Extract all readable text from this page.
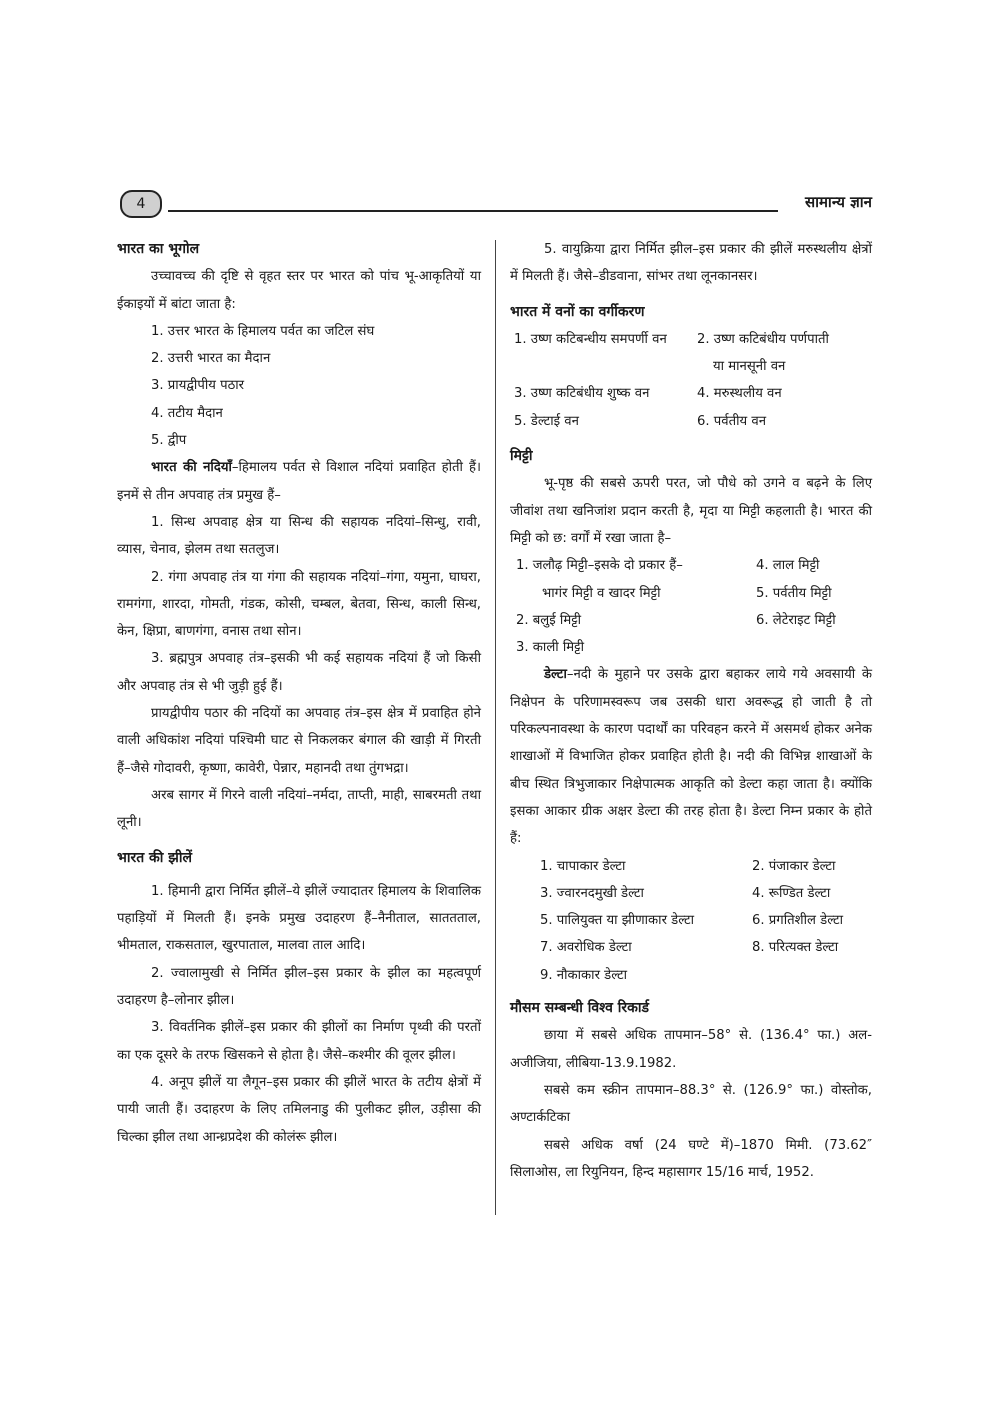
4	सामान्य ज्ञान

भारत का भूगोल

उच्चावच्च की दृष्टि से वृहत स्तर पर भारत को पांच भू-आकृतियों या ईकाइयों में बांटा जाता है:

1. उत्तर भारत के हिमालय पर्वत का जटिल संघ

2. उत्तरी भारत का मैदान

3. प्रायद्वीपीय पठार

4. तटीय मैदान

5. द्वीप

भारत की नदियाँ–हिमालय पर्वत से विशाल नदियां प्रवाहित होती हैं। इनमें से तीन अपवाह तंत्र प्रमुख हैं–

1. सिन्ध अपवाह क्षेत्र या सिन्ध की सहायक नदियां–सिन्धु, रावी, व्यास, चेनाव, झेलम तथा सतलुज।

2. गंगा अपवाह तंत्र या गंगा की सहायक नदियां–गंगा, यमुना, घाघरा, रामगंगा, शारदा, गोमती, गंडक, कोसी, चम्बल, बेतवा, सिन्ध, काली सिन्ध, केन, क्षिप्रा, बाणगंगा, वनास तथा सोन।

3. ब्रह्मपुत्र अपवाह तंत्र–इसकी भी कई सहायक नदियां हैं जो किसी और अपवाह तंत्र से भी जुड़ी हुई हैं।

प्रायद्वीपीय पठार की नदियों का अपवाह तंत्र–इस क्षेत्र में प्रवाहित होने वाली अधिकांश नदियां पश्चिमी घाट से निकलकर बंगाल की खाड़ी में गिरती हैं–जैसे गोदावरी, कृष्णा, कावेरी, पेन्नार, महानदी तथा तुंगभद्रा।

अरब सागर में गिरने वाली नदियां–नर्मदा, ताप्ती, माही, साबरमती तथा लूनी।

भारत की झीलें

1. हिमानी द्वारा निर्मित झीलें–ये झीलें ज्यादातर हिमालय के शिवालिक पहाड़ियों में मिलती हैं। इनके प्रमुख उदाहरण हैं–नैनीताल, साततताल, भीमताल, राकसताल, खुरपाताल, मालवा ताल आदि।

2. ज्वालामुखी से निर्मित झील–इस प्रकार के झील का महत्वपूर्ण उदाहरण है–लोनार झील।

3. विवर्तनिक झीलें–इस प्रकार की झीलों का निर्माण पृथ्वी की परतों का एक दूसरे के तरफ खिसकने से होता है। जैसे–कश्मीर की वूलर झील।

4. अनूप झीलें या लैगून–इस प्रकार की झीलें भारत के तटीय क्षेत्रों में पायी जाती हैं। उदाहरण के लिए तमिलनाडु की पुलीकट झील, उड़ीसा की चिल्का झील तथा आन्ध्रप्रदेश की कोलंरू झील।

5. वायुक्रिया द्वारा निर्मित झील–इस प्रकार की झीलें मरुस्थलीय क्षेत्रों में मिलती हैं। जैसे–डीडवाना, सांभर तथा लूनकानसर।

भारत में वनों का वर्गीकरण

1. उष्ण कटिबन्धीय समपर्णी वन	2. उष्ण कटिबंधीय पर्णपाती
या मानसूनी वन
3. उष्ण कटिबंधीय शुष्क वन	4. मरुस्थलीय वन
5. डेल्टाई वन	6. पर्वतीय वन

मिट्टी

भू-पृष्ठ की सबसे ऊपरी परत, जो पौधे को उगने व बढ़ने के लिए जीवांश तथा खनिजांश प्रदान करती है, मृदा या मिट्टी कहलाती है। भारत की मिट्टी को छ: वर्गों में रखा जाता है–

1. जलौढ़ मिट्टी–इसके दो प्रकार हैं–	4. लाल मिट्टी
भागंर मिट्टी व खादर मिट्टी	5. पर्वतीय मिट्टी
2. बलुई मिट्टी	6. लेटेराइट मिट्टी
3. काली मिट्टी

डेल्टा–नदी के मुहाने पर उसके द्वारा बहाकर लाये गये अवसायी के निक्षेपन के परिणामस्वरूप जब उसकी धारा अवरूद्ध हो जाती है तो परिकल्पनावस्था के कारण पदार्थों का परिवहन करने में असमर्थ होकर अनेक शाखाओं में विभाजित होकर प्रवाहित होती है। नदी की विभिन्न शाखाओं के बीच स्थित त्रिभुजाकार निक्षेपात्मक आकृति को डेल्टा कहा जाता है। क्योंकि इसका आकार ग्रीक अक्षर डेल्टा की तरह होता है। डेल्टा निम्न प्रकार के होते हैं:

1. चापाकार डेल्टा	2. पंजाकार डेल्टा
3. ज्वारनदमुखी डेल्टा	4. रूण्डित डेल्टा
5. पालियुक्त या झीणाकार डेल्टा	6. प्रगतिशील डेल्टा
7. अवरोधिक डेल्टा	8. परित्यक्त डेल्टा
9. नौकाकार डेल्टा

मौसम सम्बन्धी विश्व रिकार्ड

छाया में सबसे अधिक तापमान–58° से. (136.4° फा.) अल-अजीजिया, लीबिया-13.9.1982.

सबसे कम स्क्रीन तापमान–88.3° से. (126.9° फा.) वोस्तोक, अण्टार्कटिका

सबसे अधिक वर्षा (24 घण्टे में)–1870 मिमी. (73.62″ सिलाओस, ला रियुनियन, हिन्द महासागर 15/16 मार्च, 1952.
